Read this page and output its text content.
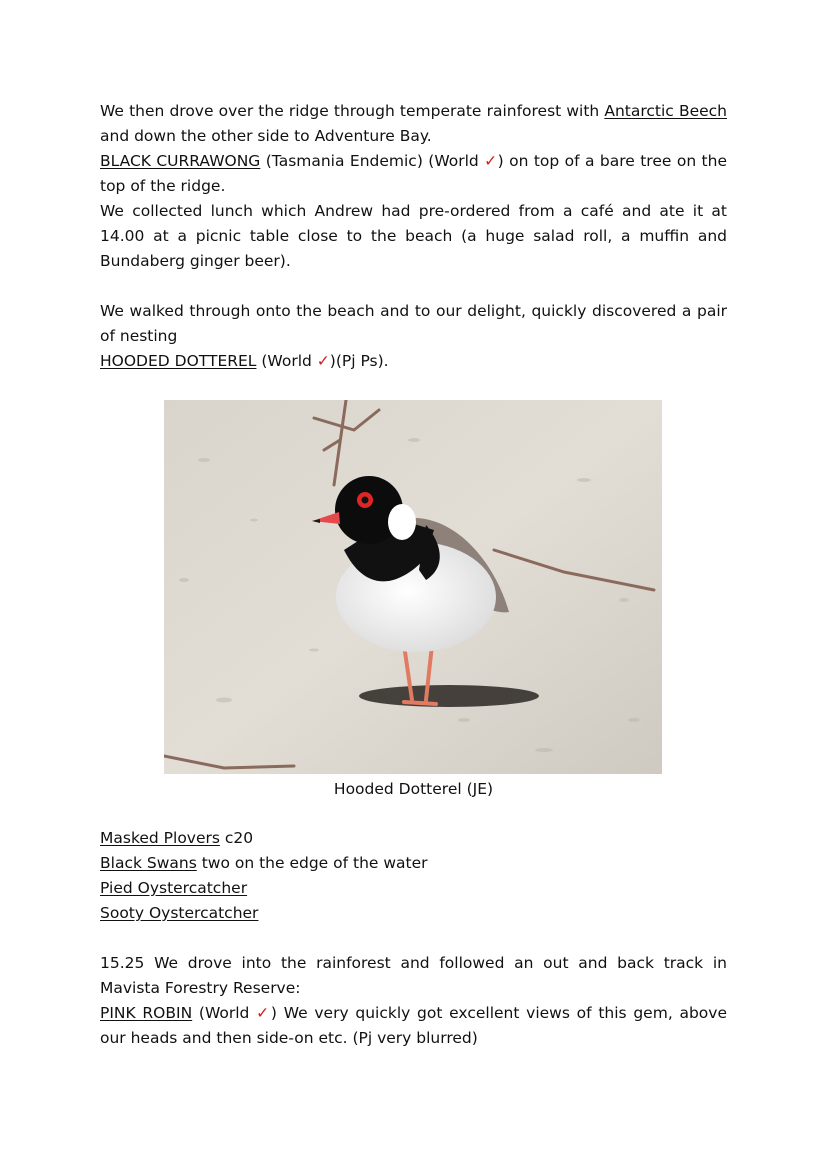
We then drove over the ridge through temperate rainforest with Antarctic Beech and down the other side to Adventure Bay.

BLACK CURRAWONG (Tasmania Endemic) (World ✓) on top of a bare tree on the top of the ridge.

We collected lunch which Andrew had pre-ordered from a café and ate it at 14.00 at a picnic table close to the beach (a huge salad roll, a muffin and Bundaberg ginger beer).

We walked through onto the beach and to our delight, quickly discovered a pair of nesting

HOODED DOTTEREL (World ✓)(Pj Ps).

Hooded Dotterel (JE)
Masked Plovers c20
Black Swans two on the edge of the water
Pied Oystercatcher
Sooty Oystercatcher

15.25 We drove into the rainforest and followed an out and back track in Mavista Forestry Reserve:

PINK ROBIN (World ✓) We very quickly got excellent views of this gem, above our heads and then side-on etc. (Pj very blurred)
